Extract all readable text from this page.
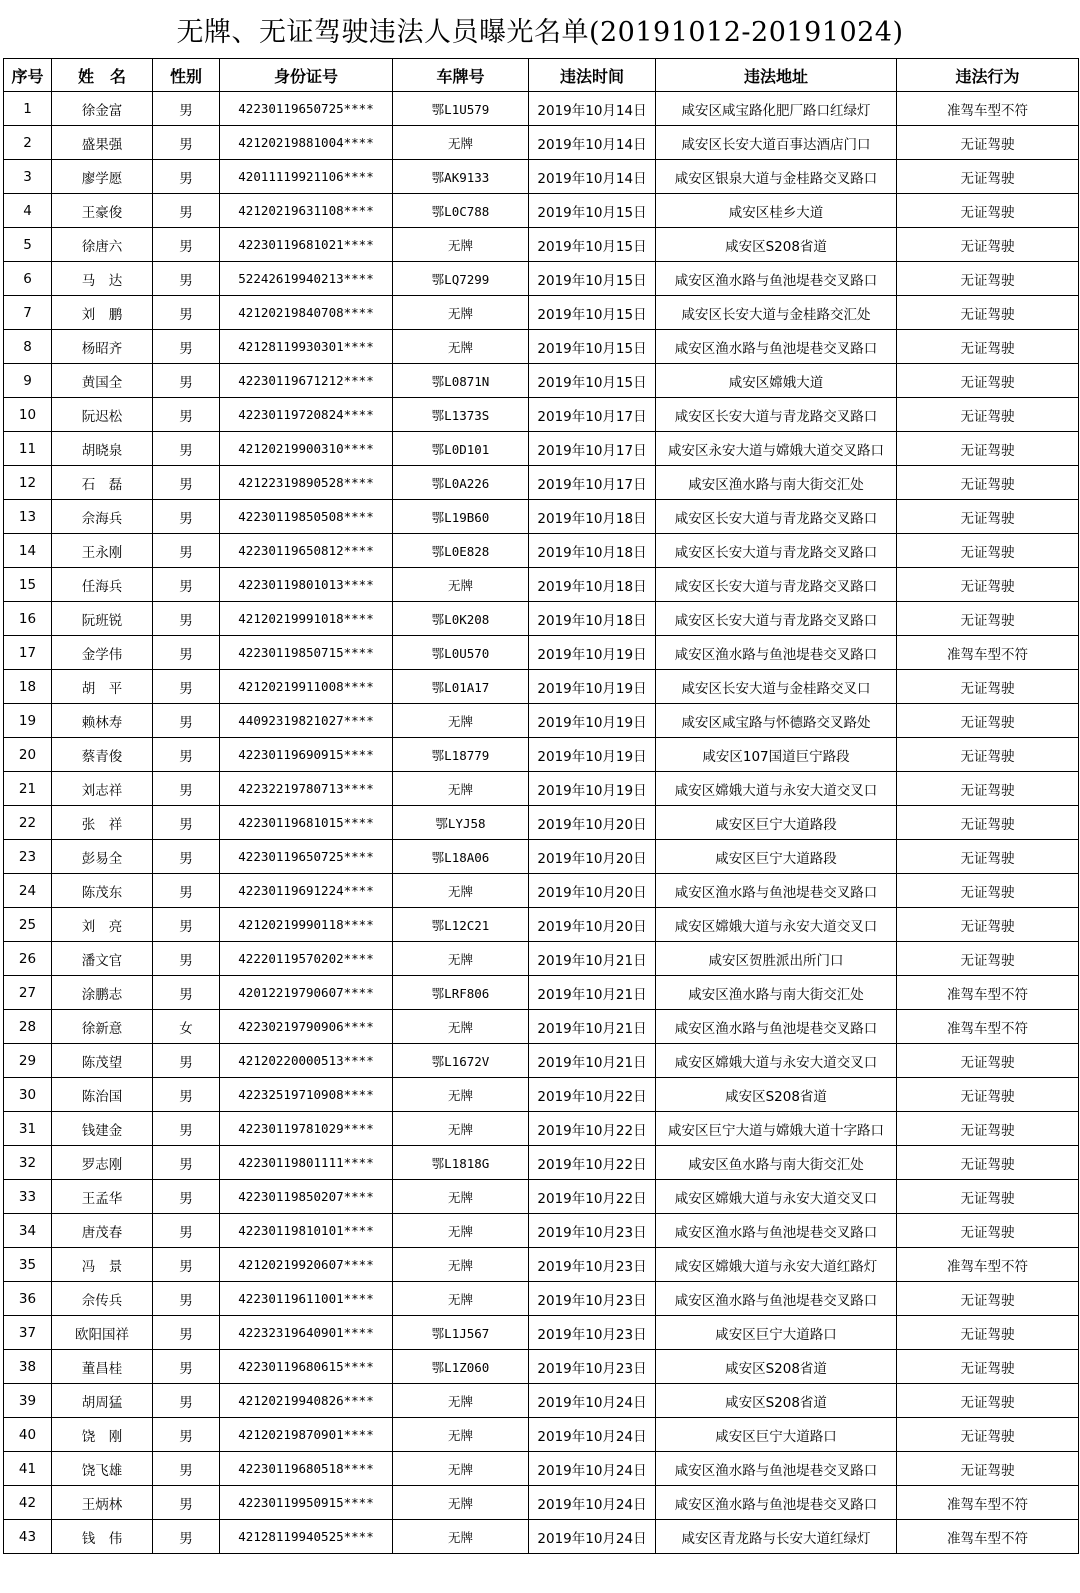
无牌、无证驾驶违法人员曝光名单(20191012-20191024)
序号	姓　名	性别	身份证号	车牌号	违法时间	违法地址	违法行为
1	徐金富	男	42230119650725****	鄂L1U579	2019年10月14日	咸安区咸宝路化肥厂路口红绿灯	准驾车型不符
2	盛果强	男	42120219881004****	无牌	2019年10月14日	咸安区长安大道百事达酒店门口	无证驾驶
3	廖学愿	男	42011119921106****	鄂AK9133	2019年10月14日	咸安区银泉大道与金桂路交叉路口	无证驾驶
4	王豪俊	男	42120219631108****	鄂L0C788	2019年10月15日	咸安区桂乡大道	无证驾驶
5	徐唐六	男	42230119681021****	无牌	2019年10月15日	咸安区S208省道	无证驾驶
6	马　达	男	52242619940213****	鄂LQ7299	2019年10月15日	咸安区渔水路与鱼池堤巷交叉路口	无证驾驶
7	刘　鹏	男	42120219840708****	无牌	2019年10月15日	咸安区长安大道与金桂路交汇处	无证驾驶
8	杨昭齐	男	42128119930301****	无牌	2019年10月15日	咸安区渔水路与鱼池堤巷交叉路口	无证驾驶
9	黄国全	男	42230119671212****	鄂L0871N	2019年10月15日	咸安区嫦娥大道	无证驾驶
10	阮迟松	男	42230119720824****	鄂L1373S	2019年10月17日	咸安区长安大道与青龙路交叉路口	无证驾驶
11	胡晓泉	男	42120219900310****	鄂L0D101	2019年10月17日	咸安区永安大道与嫦娥大道交叉路口	无证驾驶
12	石　磊	男	42122319890528****	鄂L0A226	2019年10月17日	咸安区渔水路与南大街交汇处	无证驾驶
13	佘海兵	男	42230119850508****	鄂L19B60	2019年10月18日	咸安区长安大道与青龙路交叉路口	无证驾驶
14	王永刚	男	42230119650812****	鄂L0E828	2019年10月18日	咸安区长安大道与青龙路交叉路口	无证驾驶
15	任海兵	男	42230119801013****	无牌	2019年10月18日	咸安区长安大道与青龙路交叉路口	无证驾驶
16	阮班锐	男	42120219991018****	鄂L0K208	2019年10月18日	咸安区长安大道与青龙路交叉路口	无证驾驶
17	金学伟	男	42230119850715****	鄂L0U570	2019年10月19日	咸安区渔水路与鱼池堤巷交叉路口	准驾车型不符
18	胡　平	男	42120219911008****	鄂L01A17	2019年10月19日	咸安区长安大道与金桂路交叉口	无证驾驶
19	赖林寿	男	44092319821027****	无牌	2019年10月19日	咸安区咸宝路与怀德路交叉路处	无证驾驶
20	蔡青俊	男	42230119690915****	鄂L18779	2019年10月19日	咸安区107国道巨宁路段	无证驾驶
21	刘志祥	男	42232219780713****	无牌	2019年10月19日	咸安区嫦娥大道与永安大道交叉口	无证驾驶
22	张　祥	男	42230119681015****	鄂LYJ58	2019年10月20日	咸安区巨宁大道路段	无证驾驶
23	彭易全	男	42230119650725****	鄂L18A06	2019年10月20日	咸安区巨宁大道路段	无证驾驶
24	陈茂东	男	42230119691224****	无牌	2019年10月20日	咸安区渔水路与鱼池堤巷交叉路口	无证驾驶
25	刘　亮	男	42120219990118****	鄂L12C21	2019年10月20日	咸安区嫦娥大道与永安大道交叉口	无证驾驶
26	潘文官	男	42220119570202****	无牌	2019年10月21日	咸安区贺胜派出所门口	无证驾驶
27	涂鹏志	男	42012219790607****	鄂LRF806	2019年10月21日	咸安区渔水路与南大街交汇处	准驾车型不符
28	徐新意	女	42230219790906****	无牌	2019年10月21日	咸安区渔水路与鱼池堤巷交叉路口	准驾车型不符
29	陈茂望	男	42120220000513****	鄂L1672V	2019年10月21日	咸安区嫦娥大道与永安大道交叉口	无证驾驶
30	陈治国	男	42232519710908****	无牌	2019年10月22日	咸安区S208省道	无证驾驶
31	钱建金	男	42230119781029****	无牌	2019年10月22日	咸安区巨宁大道与嫦娥大道十字路口	无证驾驶
32	罗志刚	男	42230119801111****	鄂L1818G	2019年10月22日	咸安区鱼水路与南大街交汇处	无证驾驶
33	王孟华	男	42230119850207****	无牌	2019年10月22日	咸安区嫦娥大道与永安大道交叉口	无证驾驶
34	唐茂春	男	42230119810101****	无牌	2019年10月23日	咸安区渔水路与鱼池堤巷交叉路口	无证驾驶
35	冯　景	男	42120219920607****	无牌	2019年10月23日	咸安区嫦娥大道与永安大道红路灯	准驾车型不符
36	佘传兵	男	42230119611001****	无牌	2019年10月23日	咸安区渔水路与鱼池堤巷交叉路口	无证驾驶
37	欧阳国祥	男	42232319640901****	鄂L1J567	2019年10月23日	咸安区巨宁大道路口	无证驾驶
38	董昌桂	男	42230119680615****	鄂L1Z060	2019年10月23日	咸安区S208省道	无证驾驶
39	胡周猛	男	42120219940826****	无牌	2019年10月24日	咸安区S208省道	无证驾驶
40	饶　刚	男	42120219870901****	无牌	2019年10月24日	咸安区巨宁大道路口	无证驾驶
41	饶飞雄	男	42230119680518****	无牌	2019年10月24日	咸安区渔水路与鱼池堤巷交叉路口	无证驾驶
42	王炳林	男	42230119950915****	无牌	2019年10月24日	咸安区渔水路与鱼池堤巷交叉路口	准驾车型不符
43	钱　伟	男	42128119940525****	无牌	2019年10月24日	咸安区青龙路与长安大道红绿灯	准驾车型不符
